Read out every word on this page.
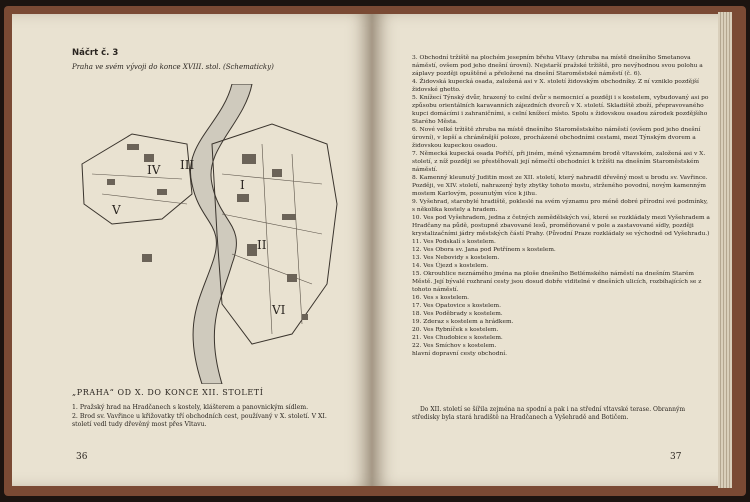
Náčrt č. 3
Praha ve svém vývoji do konce XVIII. stol. (Schematicky)
IV III
I
II
V
VI
„PRAHA“ OD X. DO KONCE XII. STOLETÍ
1. Pražský hrad na Hradčanech s kostely, klášterem a panovnickým sídlem.
2. Brod sv. Vavřince u křižovatky tří obchodních cest, používaný v X. století. V XI. století vedl tudy dřevěný most přes Vltavu.
36
3. Obchodní tržiště na plochém jesepním břehu Vltavy (zhruba na místě dnešního Smetanova náměstí, ovšem pod jeho dnešní úrovní). Nejstarší pražské tržiště, pro nevýhodnou svou polohu a záplavy později opuštěné a přeložené na dnešní Staroměstské náměstí (č. 6).
4. Židovská kupecká osada, založená asi v X. století židovským obchodníky. Z ní vzniklo pozdější židovské ghetto.
5. Knížecí Týnský dvůr, hrazený to celní dvůr s nemocnicí a později i s kostelem, vybudovaný asi po způsobu orientálních karavanních zájezdních dvorců v X. století. Skladiště zboží, přepravovaného kupci domácími i zahraničními, s celní knížecí místo. Spolu s židovskou osadou zárodek pozdějšího Starého Města.
6. Nové velké tržiště zhruba na místě dnešního Staroměstského náměstí (ovšem pod jeho dnešní úrovní), v lepší a chráněnější poloze, procházené obchodními cestami, mezi Týnským dvorem a židovskou kupeckou osadou.
7. Německá kupecká osada Pořičí, při jiném, méně významném brodě vltavském, založená asi v X. století, z níž později se přestěhovali její němečtí obchodníci k tržišti na dnešním Staroměstském náměstí.
8. Kamenný kleunutý Juditin most ze XII. století, který nahradil dřevěný most u brodu sv. Vavřince. Později, ve XIV. století, nahrazený byly zbytky tohoto mostu, strženého povodní, novým kamenným mostem Karlovým, posunutým více k jihu.
9. Vyšehrad, starobylé hradiště, pokleslé na svém významu pro méně dobré přírodní své podmínky, s několika kostely a hradem.
10. Ves pod Vyšehradem, jedna z četných zemědělských vsí, které se rozkládaly mezi Vyšehradem a Hradčany na půdě, postupně zbavované lesů, proměňované v pole a zastavované sídly, později krystalizačními jádry městských částí Prahy. (Původní Praze rozkládaly se východně od Vyšehradu.)
11. Ves Podskalí s kostelem.
12. Ves Obora sv. Jana pod Petřínem s kostelem.
13. Ves Nebovidy s kostelem.
14. Ves Újezd s kostelem.
15. Okrouhlice neznámého jména na ploše dnešního Betlémského náměstí na dnešním Starém Městě. Její bývalé rozhraní cesty jsou dosud dobře viditelné v dnešních ulicích, rozbíhajících se z tohoto náměstí.
16. Ves s kostelem.
17. Ves Opatovice s kostelem.
18. Ves Poděbrady s kostelem.
19. Zderaz s kostelem a hrádkem.
20. Ves Rybníček s kostelem.
21. Ves Chudobice s kostelem.
22. Ves Smíchov s kostelem.
hlavní dopravní cesty obchodní.
Do XII. století se šířila zejména na spodní a pak i na střední vltavské terase. Obranným středisky byla stará hradiště na Hradčanech a Vyšehradě and Botičem.
37
